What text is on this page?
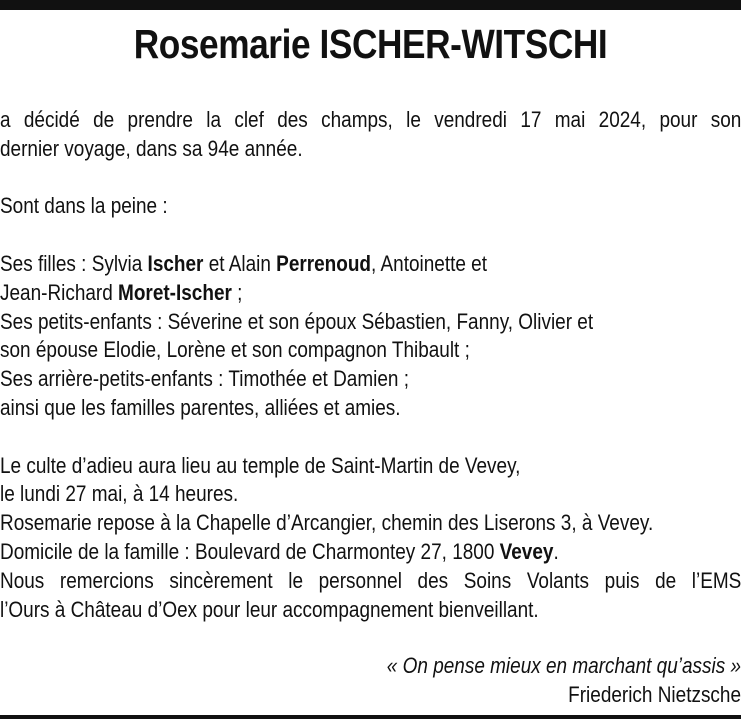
Rosemarie ISCHER-WITSCHI
a décidé de prendre la clef des champs, le vendredi 17 mai 2024, pour son
dernier voyage, dans sa 94e année.
Sont dans la peine :
Ses filles : Sylvia Ischer et Alain Perrenoud, Antoinette et
Jean-Richard Moret-Ischer ;
Ses petits-enfants : Séverine et son époux Sébastien, Fanny, Olivier et
son épouse Elodie, Lorène et son compagnon Thibault ;
Ses arrière-petits-enfants : Timothée et Damien ;
ainsi que les familles parentes, alliées et amies.
Le culte d’adieu aura lieu au temple de Saint-Martin de Vevey,
le lundi 27 mai, à 14 heures.
Rosemarie repose à la Chapelle d’Arcangier, chemin des Liserons 3, à Vevey.
Domicile de la famille : Boulevard de Charmontey 27, 1800 Vevey.
Nous remercions sincèrement le personnel des Soins Volants puis de l’EMS
l’Ours à Château d’Oex pour leur accompagnement bienveillant.
« On pense mieux en marchant qu’assis »
Friederich Nietzsche
